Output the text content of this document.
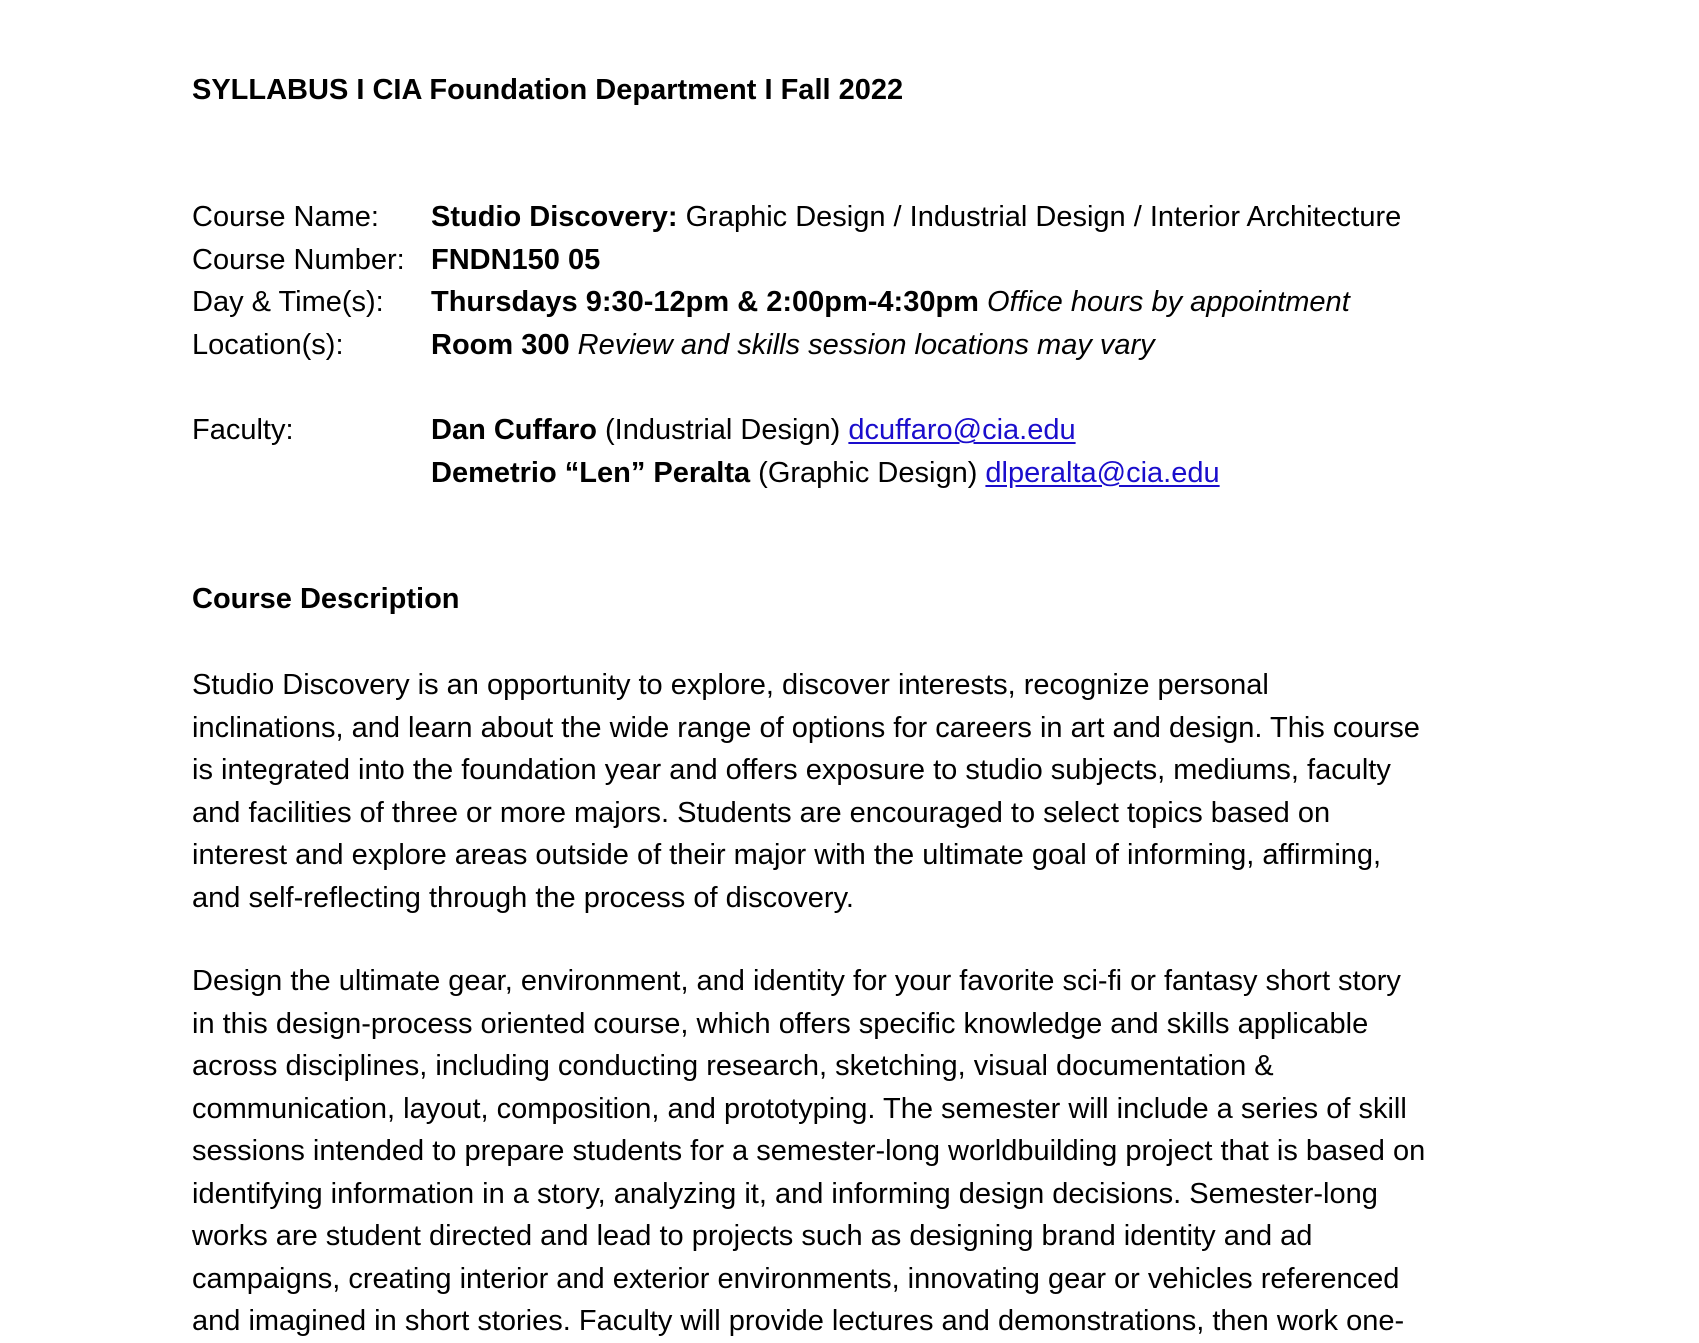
SYLLABUS I CIA Foundation Department I Fall 2022
Course Name:	Studio Discovery: Graphic Design / Industrial Design / Interior Architecture
Course Number: FNDN150 05
Day & Time(s):	Thursdays 9:30-12pm & 2:00pm-4:30pm Office hours by appointment
Location(s):	Room 300 Review and skills session locations may vary
Faculty:	Dan Cuffaro (Industrial Design) dcuffaro@cia.edu
Demetrio “Len” Peralta (Graphic Design) dlperalta@cia.edu
Course Description
Studio Discovery is an opportunity to explore, discover interests, recognize personal
inclinations, and learn about the wide range of options for careers in art and design. This course
is integrated into the foundation year and offers exposure to studio subjects, mediums, faculty
and facilities of three or more majors. Students are encouraged to select topics based on
interest and explore areas outside of their major with the ultimate goal of informing, affirming,
and self-reflecting through the process of discovery.
Design the ultimate gear, environment, and identity for your favorite sci-fi or fantasy short story
in this design-process oriented course, which offers specific knowledge and skills applicable
across disciplines, including conducting research, sketching, visual documentation &
communication, layout, composition, and prototyping. The semester will include a series of skill
sessions intended to prepare students for a semester-long worldbuilding project that is based on
identifying information in a story, analyzing it, and informing design decisions. Semester-long
works are student directed and lead to projects such as designing brand identity and ad
campaigns, creating interior and exterior environments, innovating gear or vehicles referenced
and imagined in short stories. Faculty will provide lectures and demonstrations, then work one-
